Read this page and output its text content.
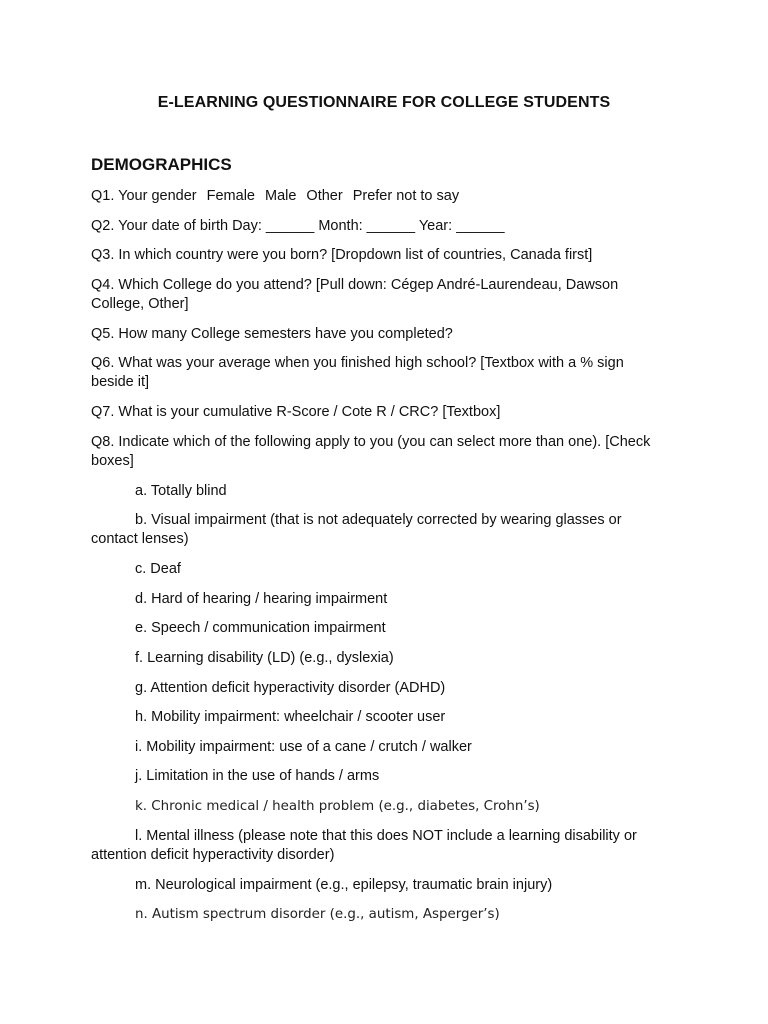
E-LEARNING QUESTIONNAIRE FOR COLLEGE STUDENTS
DEMOGRAPHICS
Q1. Your gender Female Male Other Prefer not to say
Q2. Your date of birth Day: ______ Month: ______ Year: ______
Q3. In which country were you born? [Dropdown list of countries, Canada first]
Q4. Which College do you attend? [Pull down: Cégep André-Laurendeau, Dawson College, Other]
Q5. How many College semesters have you completed?
Q6. What was your average when you finished high school? [Textbox with a % sign beside it]
Q7. What is your cumulative R-Score / Cote R / CRC? [Textbox]
Q8. Indicate which of the following apply to you (you can select more than one). [Check boxes]
a. Totally blind
b. Visual impairment (that is not adequately corrected by wearing glasses or contact lenses)
c. Deaf
d. Hard of hearing / hearing impairment
e. Speech / communication impairment
f. Learning disability (LD) (e.g., dyslexia)
g. Attention deficit hyperactivity disorder (ADHD)
h. Mobility impairment: wheelchair / scooter user
i. Mobility impairment: use of a cane / crutch / walker
j. Limitation in the use of hands / arms
k. Chronic medical / health problem (e.g., diabetes, Crohn’s)
l. Mental illness (please note that this does NOT include a learning disability or attention deficit hyperactivity disorder)
m. Neurological impairment (e.g., epilepsy, traumatic brain injury)
n. Autism spectrum disorder (e.g., autism, Asperger’s)
